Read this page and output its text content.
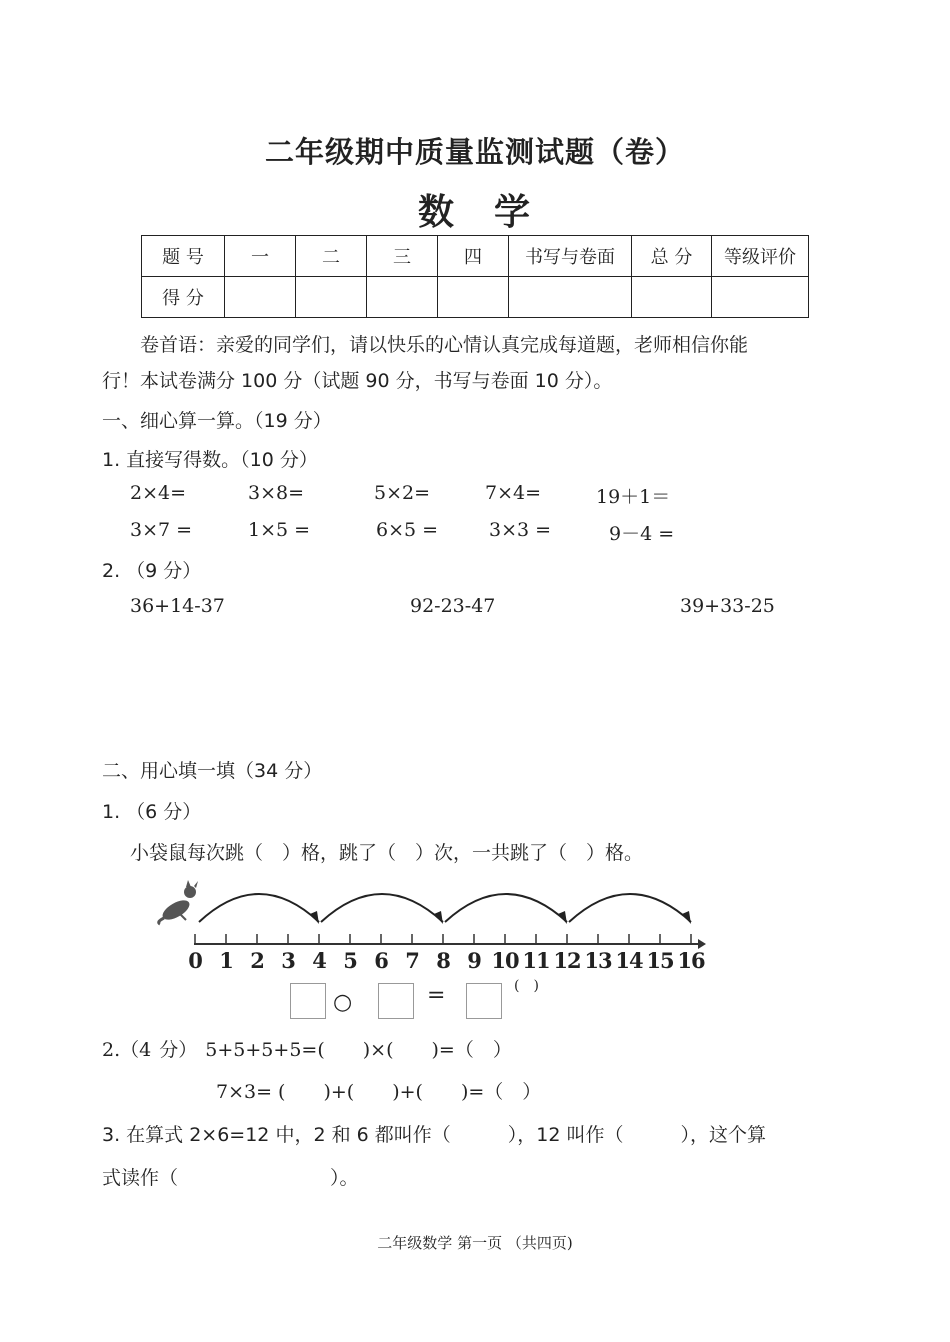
二年级期中质量监测试题（卷）
数　学
题 号	一	二	三	四	书写与卷面	总 分	等级评价
得 分							
卷首语：亲爱的同学们，请以快乐的心情认真完成每道题，老师相信你能
行！本试卷满分 100 分（试题 90 分，书写与卷面 10 分）。
一、细心算一算。（19 分）
1. 直接写得数。（10 分）
2×4=	3×8=	5×2=	7×4=	19＋1＝
3×7 =	1×5 =	6×5 =	3×3 =	9－4 =
2. （9 分）
36+14-37	92-23-47	39+33-25
二、用心填一填（34 分）
1. （6 分）
小袋鼠每次跳（　）格，跳了（　）次，一共跳了（　）格。
0 1 2 3 4 5 6 7 8 9 10 11 12 13 14 15 16
○	=	(　)
2.（4 分） 5+5+5+5=(　　)×(　　)=（　）
7×3= (　　)+(　　)+(　　)=（　）
3. 在算式 2×6=12 中，2 和 6 都叫作（　　　），12 叫作（　　　），这个算
式读作（　　　　　　　　）。
二年级数学 第一页 （共四页)
